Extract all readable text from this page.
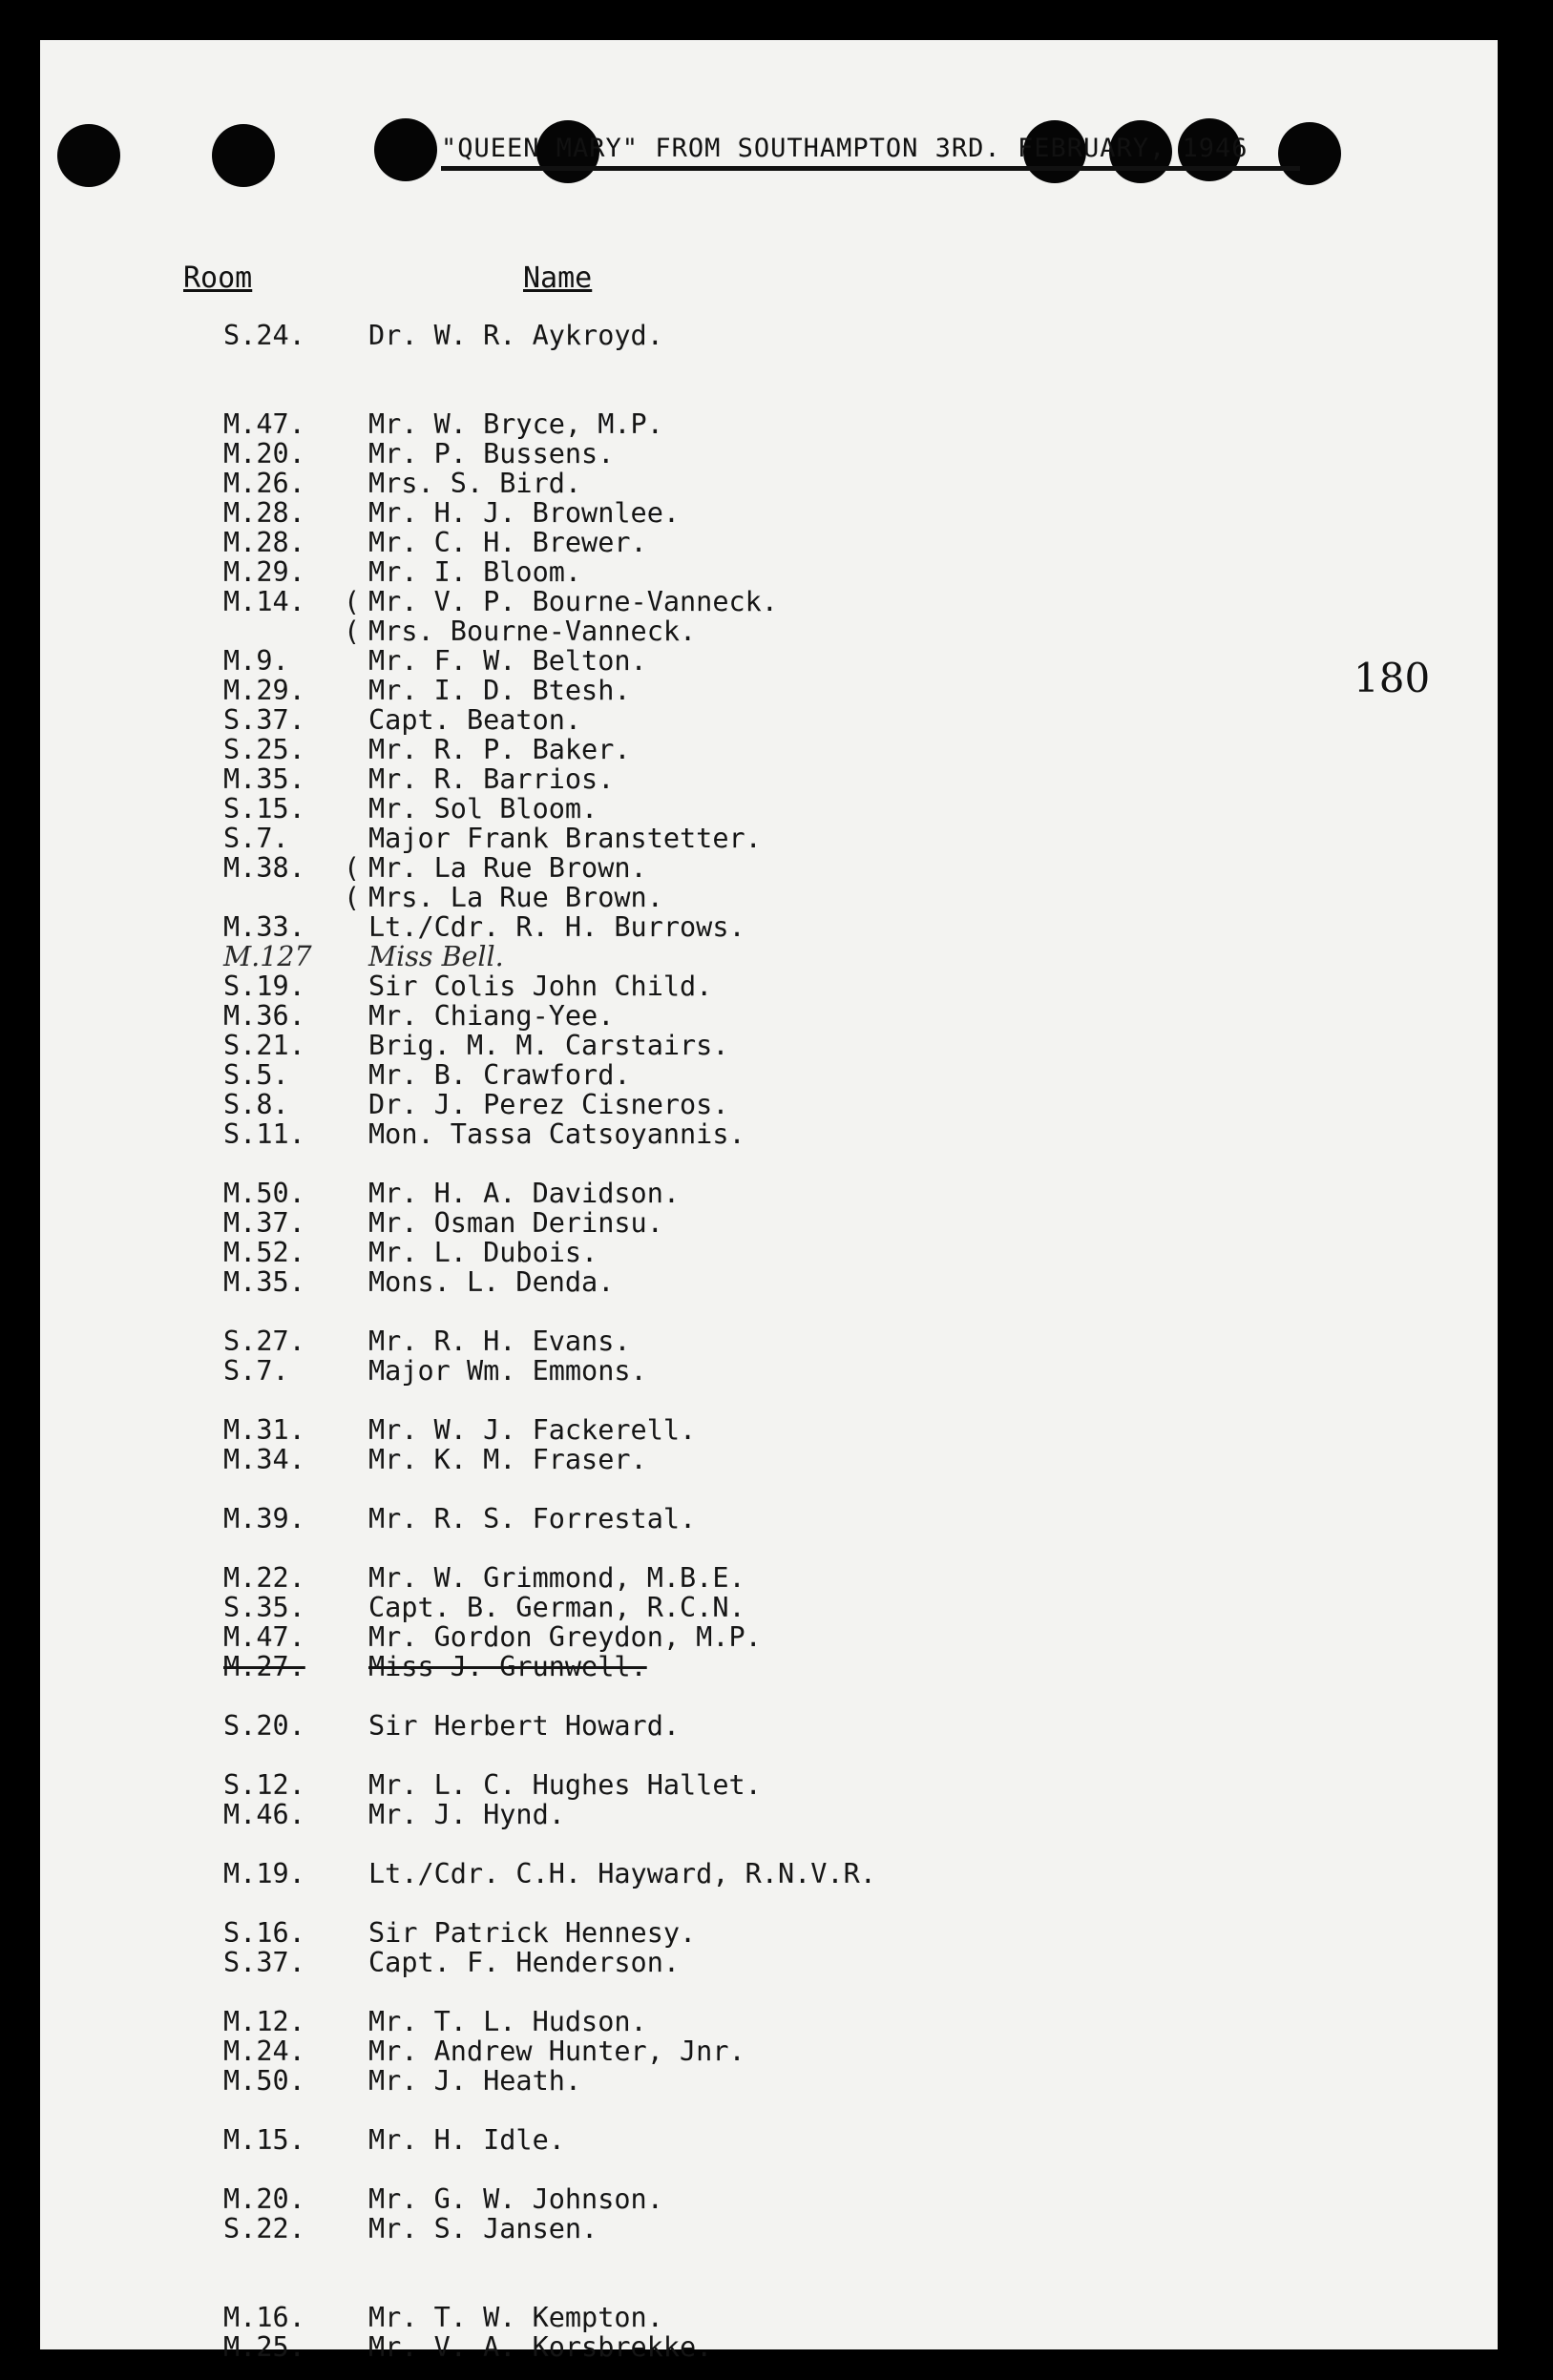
"QUEEN MARY" FROM SOUTHAMPTON 3RD. FEBRUARY, 1946
180
Room	Name
S.24. Dr. W. R. Aykroyd.
M.47. Mr. W. Bryce, M.P.
M.20. Mr. P. Bussens.
M.26. Mrs. S. Bird.
M.28. Mr. H. J. Brownlee.
M.28. Mr. C. H. Brewer.
M.29. Mr. I. Bloom.
M.14. ( Mr. V. P. Bourne-Vanneck.
( Mrs. Bourne-Vanneck.
M.9.	Mr. F. W. Belton.
M.29. Mr. I. D. Btesh.
S.37. Capt. Beaton.
S.25. Mr. R. P. Baker.
M.35. Mr. R. Barrios.
S.15. Mr. Sol Bloom.
S.7.	Major Frank Branstetter.
M.38. ( Mr. La Rue Brown.
( Mrs. La Rue Brown.
M.33. Lt./Cdr. R. H. Burrows.
M.127 Miss Bell.
S.19. Sir Colis John Child.
M.36. Mr. Chiang-Yee.
S.21. Brig. M. M. Carstairs.
S.5.	Mr. B. Crawford.
S.8.	Dr. J. Perez Cisneros.
S.11. Mon. Tassa Catsoyannis.
M.50. Mr. H. A. Davidson.
M.37. Mr. Osman Derinsu.
M.52. Mr. L. Dubois.
M.35. Mons. L. Denda.
S.27. Mr. R. H. Evans.
S.7.	Major Wm. Emmons.
M.31. Mr. W. J. Fackerell.
M.34. Mr. K. M. Fraser.
M.39. Mr. R. S. Forrestal.
M.22. Mr. W. Grimmond, M.B.E.
S.35. Capt. B. German, R.C.N.
M.47. Mr. Gordon Greydon, M.P.
M.27. Miss J. Grunwell.
S.20. Sir Herbert Howard.
S.12. Mr. L. C. Hughes Hallet.
M.46. Mr. J. Hynd.
M.19. Lt./Cdr. C.H. Hayward, R.N.V.R.
S.16. Sir Patrick Hennesy.
S.37. Capt. F. Henderson.
M.12. Mr. T. L. Hudson.
M.24. Mr. Andrew Hunter, Jnr.
M.50. Mr. J. Heath.
M.15. Mr. H. Idle.
M.20. Mr. G. W. Johnson.
S.22. Mr. S. Jansen.
M.16. Mr. T. W. Kempton.
M.25. Mr. V. A. Korsbrekke.
